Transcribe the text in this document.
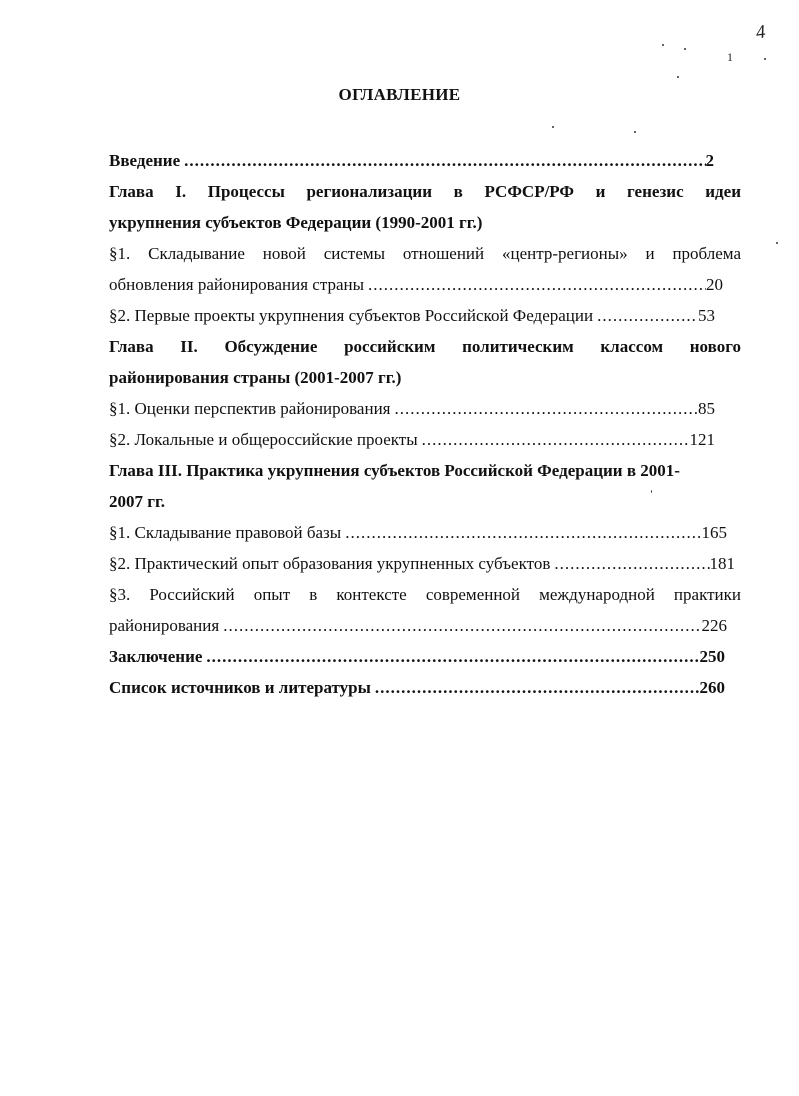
1
4
ОГЛАВЛЕНИЕ
Введение .....	2
Глава I. Процессы регионализации в РСФСР/РФ и генезис идеи
укрупнения субъектов Федерации (1990-2001 гг.)
§1. Складывание новой системы отношений «центр-регионы» и проблема
обновления районирования страны .....	20
§2. Первые проекты укрупнения субъектов Российской Федерации .....	53
Глава II. Обсуждение российским политическим классом нового
районирования страны (2001-2007 гг.)
§1. Оценки перспектив районирования .....	85
§2. Локальные и общероссийские проекты .....	121
Глава III. Практика укрупнения субъектов Российской Федерации в 2001-
2007 гг.
§1. Складывание правовой базы .....	165
§2. Практический опыт образования укрупненных субъектов .....	181
§3. Российский опыт в контексте современной международной практики
районирования .....	226
Заключение .....	250
Список источников и литературы .....	260
